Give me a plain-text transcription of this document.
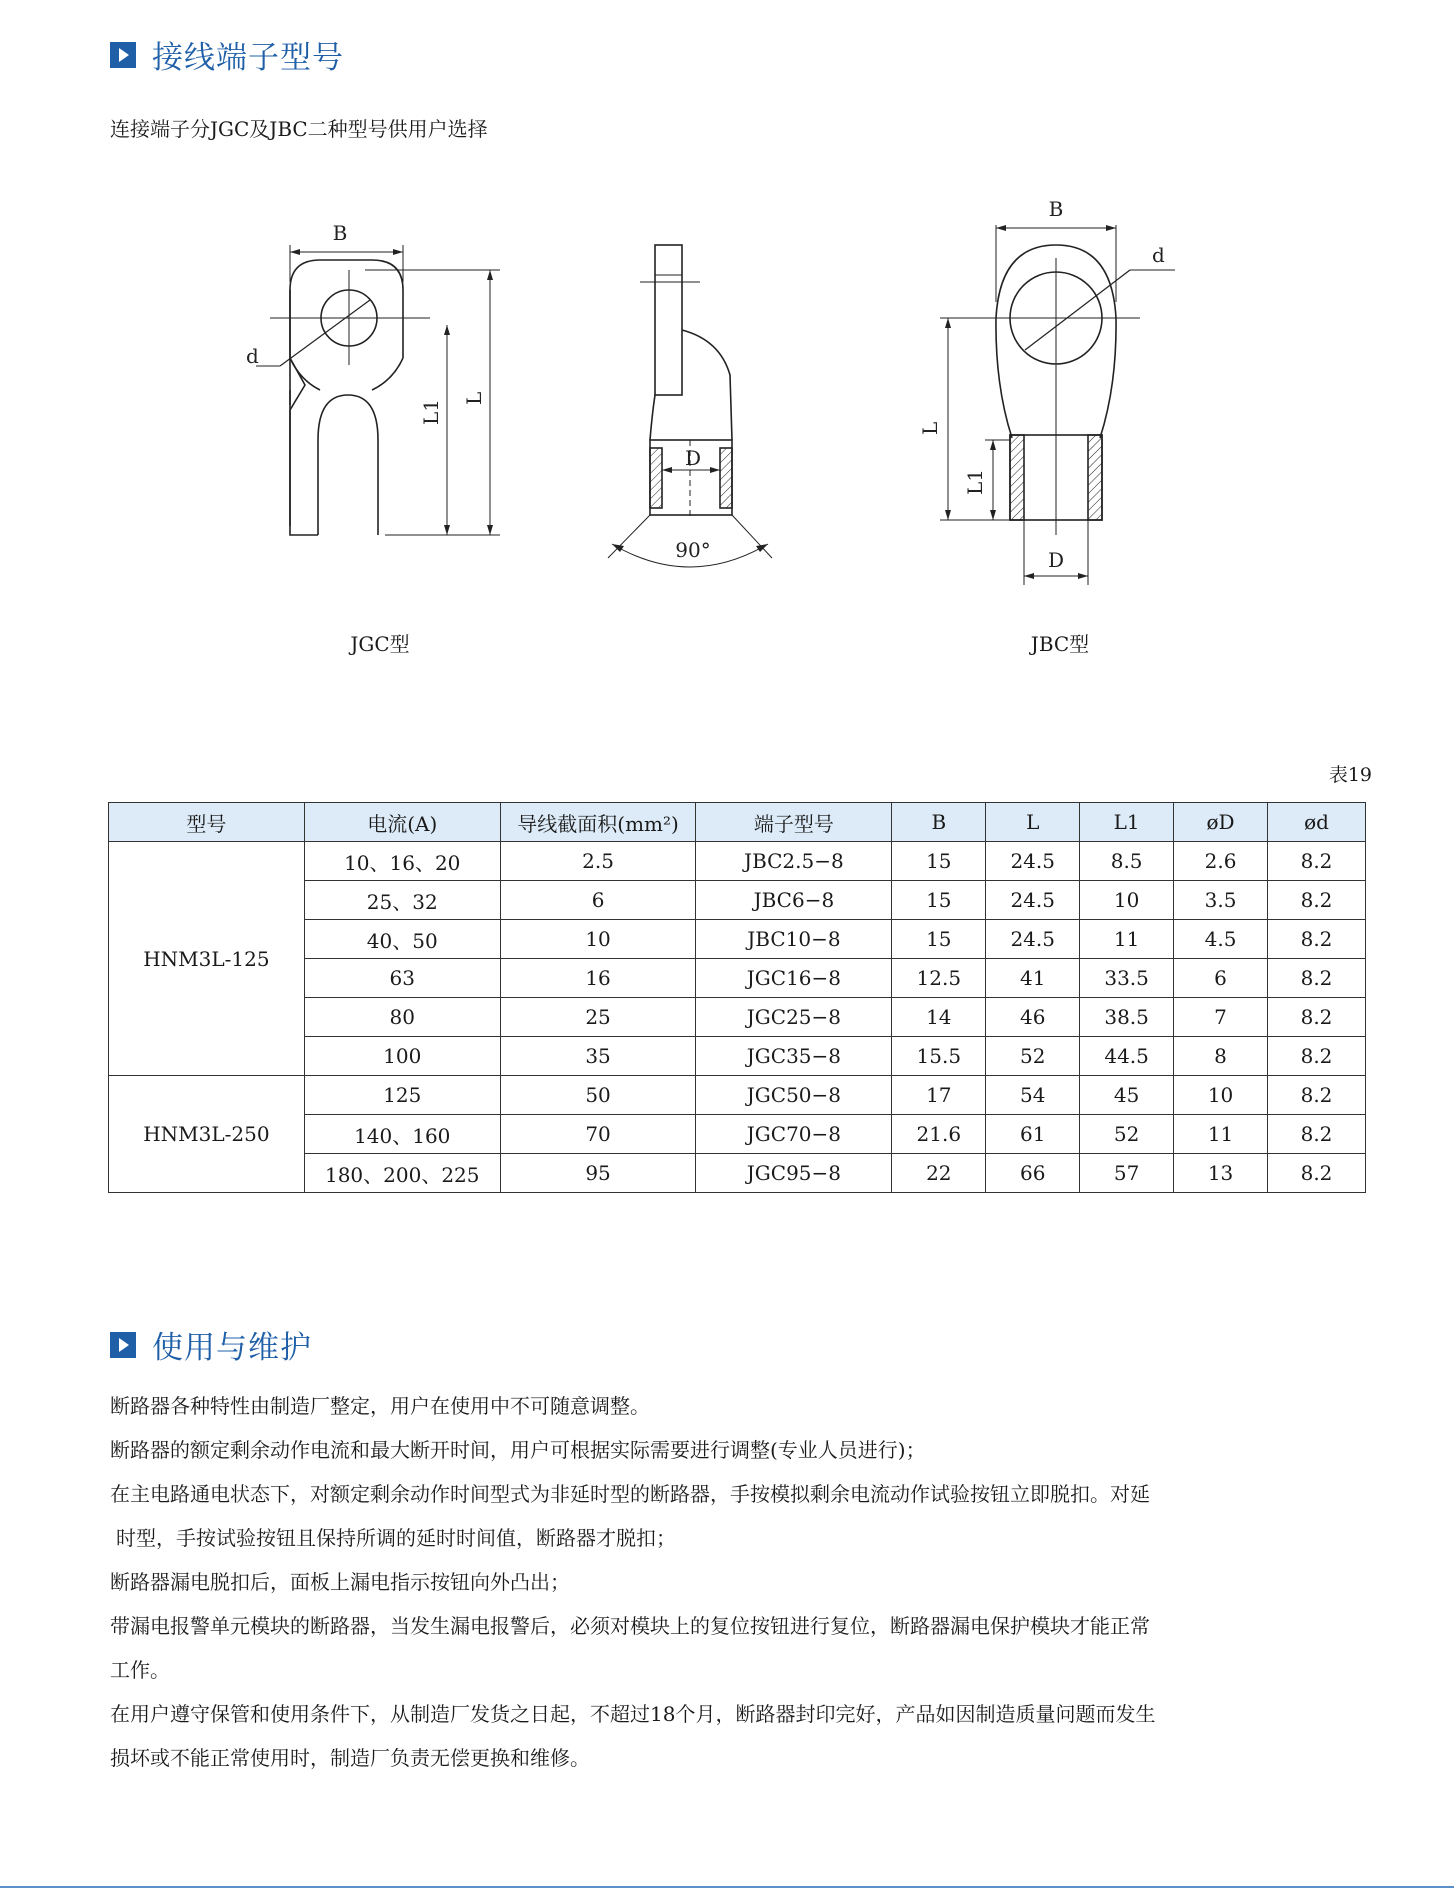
接线端子型号
连接端子分JGC及JBC二种型号供用户选择
B
d
L
L1
D
90°
B
d
L
L1
D
JGC型	JBC型
表19
型号	电流(A)	导线截面积(mm²)	端子型号	B	L	L1	øD	ød
HNM3L-125	10、16、20	2.5	JBC2.5−8	15	24.5	8.5	2.6	8.2
	25、32	6	JBC6−8	15	24.5	10	3.5	8.2
	40、50	10	JBC10−8	15	24.5	11	4.5	8.2
	63	16	JGC16−8	12.5	41	33.5	6	8.2
	80	25	JGC25−8	14	46	38.5	7	8.2
	100	35	JGC35−8	15.5	52	44.5	8	8.2
HNM3L-250	125	50	JGC50−8	17	54	45	10	8.2
	140、160	70	JGC70−8	21.6	61	52	11	8.2
	180、200、225	95	JGC95−8	22	66	57	13	8.2
使用与维护

断路器各种特性由制造厂整定，用户在使用中不可随意调整。

断路器的额定剩余动作电流和最大断开时间，用户可根据实际需要进行调整(专业人员进行)；

在主电路通电状态下，对额定剩余动作时间型式为非延时型的断路器，手按模拟剩余电流动作试验按钮立即脱扣。对延

时型，手按试验按钮且保持所调的延时时间值，断路器才脱扣；

断路器漏电脱扣后，面板上漏电指示按钮向外凸出；

带漏电报警单元模块的断路器，当发生漏电报警后，必须对模块上的复位按钮进行复位，断路器漏电保护模块才能正常

工作。

在用户遵守保管和使用条件下，从制造厂发货之日起，不超过18个月，断路器封印完好，产品如因制造质量问题而发生

损坏或不能正常使用时，制造厂负责无偿更换和维修。
